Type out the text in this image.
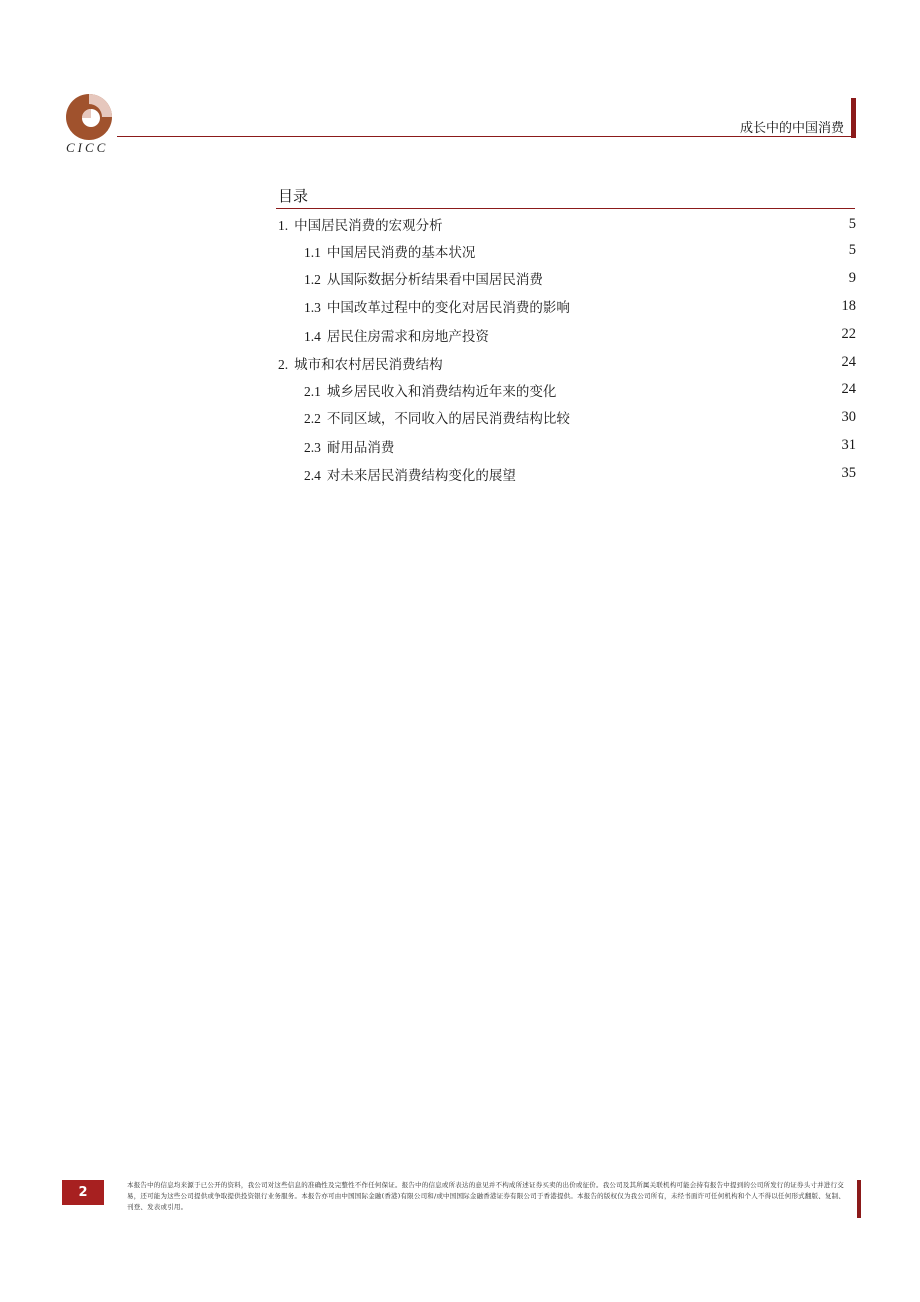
CICC
成长中的中国消费
目录
1. 中国居民消费的宏观分析	5
1.1 中国居民消费的基本状况	5
1.2 从国际数据分析结果看中国居民消费	9
1.3 中国改革过程中的变化对居民消费的影响	18
1.4 居民住房需求和房地产投资	22
2. 城市和农村居民消费结构	24
2.1 城乡居民收入和消费结构近年来的变化	24
2.2 不同区域，不同收入的居民消费结构比较	30
2.3 耐用品消费	31
2.4 对未来居民消费结构变化的展望	35
2	本报告中的信息均来源于已公开的资料，我公司对这些信息的准确性及完整性不作任何保证。报告中的信息或所表达的意见并不构成所述证券买卖的出价或征价。我公司及其所属关联机构可能会持有报告中提到的公司所发行的证券头寸并进行交易，还可能为这些公司提供或争取提供投资银行业务服务。本报告亦可由中国国际金融(香港)有限公司和/或中国国际金融香港证券有限公司于香港提供。本报告的版权仅为我公司所有，未经书面许可任何机构和个人不得以任何形式翻版、复制、刊登、发表或引用。
